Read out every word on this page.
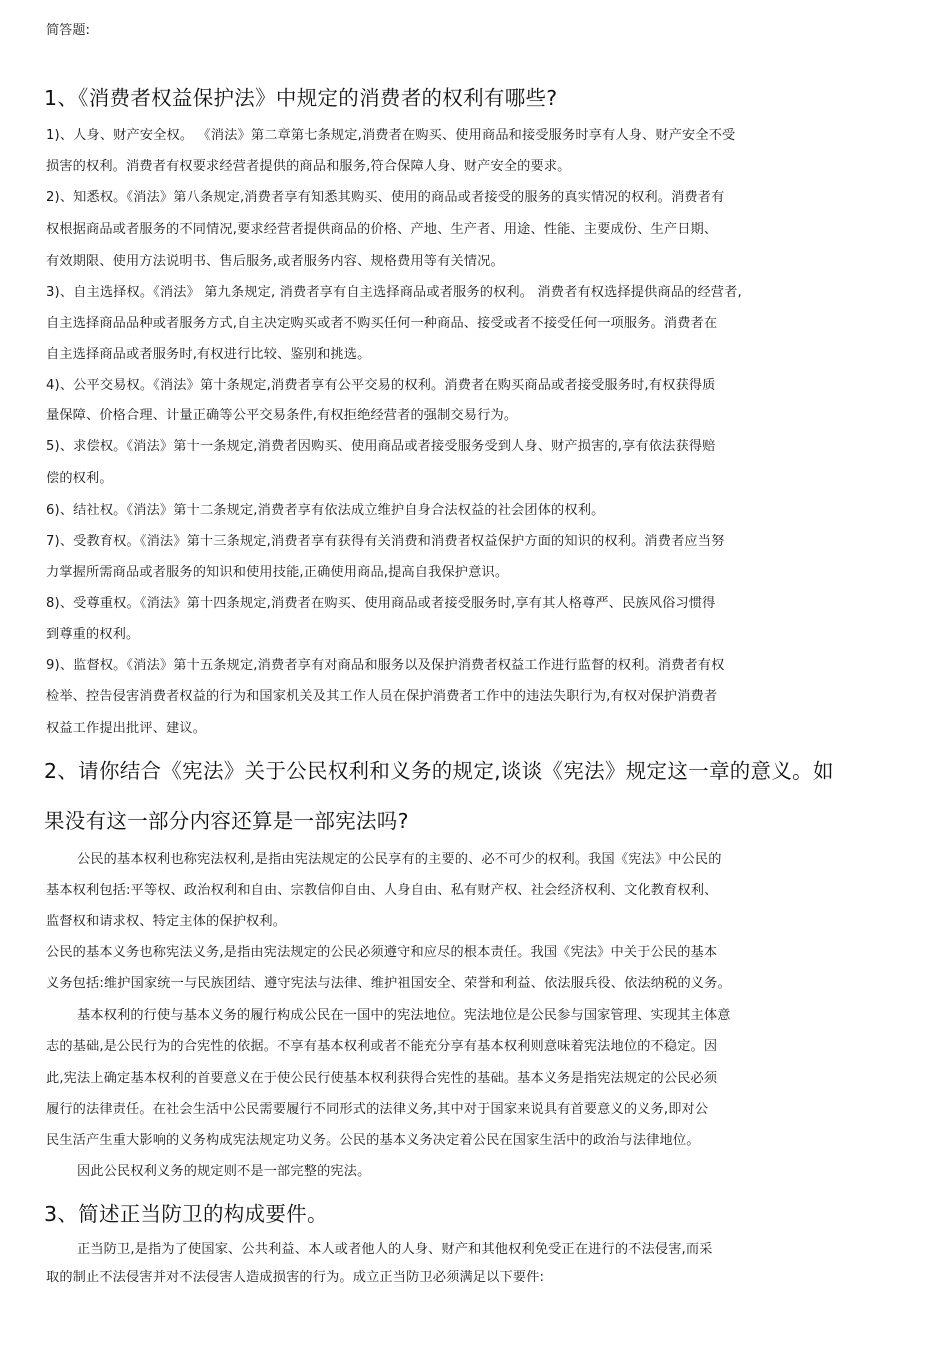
简答题:

1、《消费者权益保护法》中规定的消费者的权利有哪些?

1)、人身、财产安全权。 《消法》第二章第七条规定,消费者在购买、使用商品和接受服务时享有人身、财产安全不受

损害的权利。消费者有权要求经营者提供的商品和服务,符合保障人身、财产安全的要求。

2)、知悉权。《消法》第八条规定,消费者享有知悉其购买、使用的商品或者接受的服务的真实情况的权利。消费者有

权根据商品或者服务的不同情况,要求经营者提供商品的价格、产地、生产者、用途、性能、主要成份、生产日期、

有效期限、使用方法说明书、售后服务,或者服务内容、规格费用等有关情况。

3)、自主选择权。《消法》 第九条规定, 消费者享有自主选择商品或者服务的权利。 消费者有权选择提供商品的经营者,

自主选择商品品种或者服务方式,自主决定购买或者不购买任何一种商品、接受或者不接受任何一项服务。消费者在

自主选择商品或者服务时,有权进行比较、鉴别和挑选。

4)、公平交易权。《消法》第十条规定,消费者享有公平交易的权利。消费者在购买商品或者接受服务时,有权获得质

量保障、价格合理、计量正确等公平交易条件,有权拒绝经营者的强制交易行为。

5)、求偿权。《消法》第十一条规定,消费者因购买、使用商品或者接受服务受到人身、财产损害的,享有依法获得赔

偿的权利。

6)、结社权。《消法》第十二条规定,消费者享有依法成立维护自身合法权益的社会团体的权利。

7)、受教育权。《消法》第十三条规定,消费者享有获得有关消费和消费者权益保护方面的知识的权利。消费者应当努

力掌握所需商品或者服务的知识和使用技能,正确使用商品,提高自我保护意识。

8)、受尊重权。《消法》第十四条规定,消费者在购买、使用商品或者接受服务时,享有其人格尊严、民族风俗习惯得

到尊重的权利。

9)、监督权。《消法》第十五条规定,消费者享有对商品和服务以及保护消费者权益工作进行监督的权利。消费者有权

检举、控告侵害消费者权益的行为和国家机关及其工作人员在保护消费者工作中的违法失职行为,有权对保护消费者

权益工作提出批评、建议。

2、请你结合《宪法》关于公民权利和义务的规定,谈谈《宪法》规定这一章的意义。如

果没有这一部分内容还算是一部宪法吗?

公民的基本权利也称宪法权利,是指由宪法规定的公民享有的主要的、必不可少的权利。我国《宪法》中公民的

基本权利包括:平等权、政治权利和自由、宗教信仰自由、人身自由、私有财产权、社会经济权利、文化教育权利、

监督权和请求权、特定主体的保护权利。

公民的基本义务也称宪法义务,是指由宪法规定的公民必须遵守和应尽的根本责任。我国《宪法》中关于公民的基本

义务包括:维护国家统一与民族团结、遵守宪法与法律、维护祖国安全、荣誉和利益、依法服兵役、依法纳税的义务。

基本权利的行使与基本义务的履行构成公民在一国中的宪法地位。宪法地位是公民参与国家管理、实现其主体意

志的基础,是公民行为的合宪性的依据。不享有基本权利或者不能充分享有基本权利则意味着宪法地位的不稳定。因

此,宪法上确定基本权利的首要意义在于使公民行使基本权利获得合宪性的基础。基本义务是指宪法规定的公民必须

履行的法律责任。在社会生活中公民需要履行不同形式的法律义务,其中对于国家来说具有首要意义的义务,即对公

民生活产生重大影响的义务构成宪法规定功义务。公民的基本义务决定着公民在国家生活中的政治与法律地位。

因此公民权利义务的规定则不是一部完整的宪法。

3、简述正当防卫的构成要件。

正当防卫,是指为了使国家、公共利益、本人或者他人的人身、财产和其他权利免受正在进行的不法侵害,而采

取的制止不法侵害并对不法侵害人造成损害的行为。成立正当防卫必须满足以下要件:
